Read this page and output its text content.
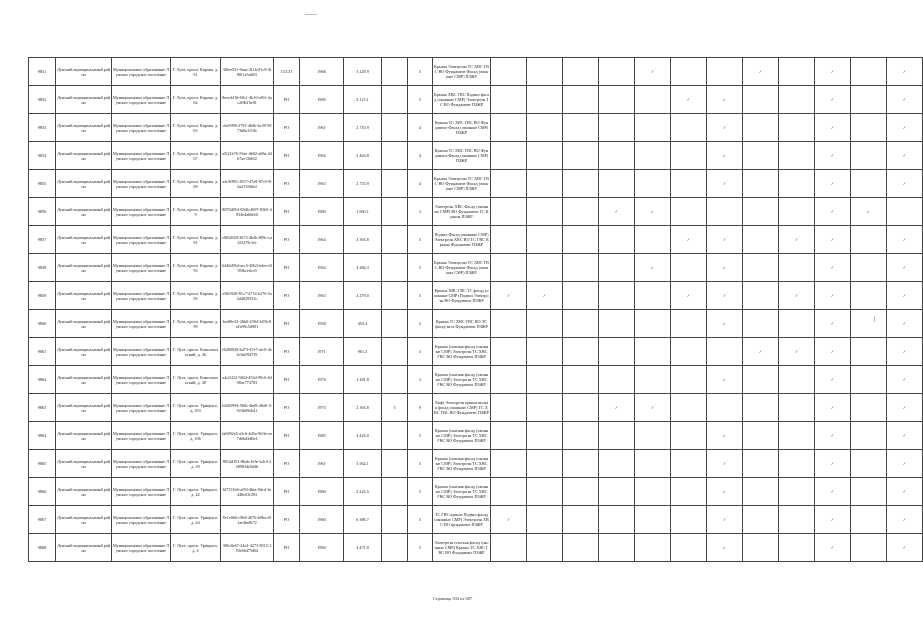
9851	Лунский муниципальный район	Муниципальное образование Лунское городское поселение	Г. Луга, просп. Кирова, д. 61	3f0ee531-0aaa-411b-81c9-4f80f1a5dd53	СССО	1966	3 229,9		5	Крыша Электроэн ТС ХВС ГВС ВО Фундамент Фасад (оконные СМР) ПЗЖР					✓			✓		✓		✓
9852	Лунский муниципальный район	Муниципальное образование Лунское городское поселение	Г. Луга, просп. Кирова, д. 62	8eee4416-60c1-4b10-a91f-4ac2f8b16e91	РО	1969	2 115,1		5	Крыша ХВС ГВС Подвал фасад (оконные СМР) Электроэн ТС ВО Фундамент ПЗЖР						✓	✓			✓		✓
9853	Лунский муниципальный район	Муниципальное образование Лунское городское поселение	Г. Луга, просп. Кирова, д. 63	c6a5909-2791-4b6b-bc39-5873d8a1f19e	РО	1961	2 710,9		4	Крыша ТС ХВС ГВС ВО Фундамент Фасад (оконные СМР) ПЗЖР							✓			✓		✓
9854	Лунский муниципальный район	Муниципальное образование Лунское городское поселение	Г. Луга, просп. Кирова, д. 67	a5f21b76-53ee-4b02-a68a-4467ae15b0f2	РО	1962	2 464,8		4	Крыша ТС ХВС ГВС ВО Фундамент Фасад (оконные СМР) ПЗЖР							✓			✓		✓
9855	Лунский муниципальный район	Муниципальное образование Лунское городское поселение	Г. Луга, просп. Кирова, д. 69	a4c9f891-2937-47e8-87c9-9f6a2150f6fd	РО	1963	2 753,9		4	Крыша Электроэн ТС ХВС ГВС ВО Фундамент Фасад (оконные СМР) ПЗЖР							✓			✓		✓
9856	Лунский муниципальный район	Муниципальное образование Лунское городское поселение	Г. Луга, просп. Кирова, д. 9	8070d054-85db-4697-83b5-4934e4ab66f0	РО	1980	1 960,1		3	Электроэн ХВС Фасад (оконные СМР) ВО Фундамент ТС Крыша ПЗЖР				✓	✓					✓	✓	
9857	Лунский муниципальный район	Муниципальное образование Лунское городское поселение	Г. Луга, просп. Кирова, д. 91	e9f62629-2673-4b4b-809c-ca4f3279c1fe	РО	1964	4 363,8		5	Подвал Фасад (оконные СМР) Электроэн ХВС ВО ТС ГВС Крыша Фундамент ПЗЖР						✓	✓		✓	✓		✓
9858	Лунский муниципальный район	Муниципальное образование Лунское городское поселение	Г. Луга, просп. Кирова, д. 93	6446d95d-aec5-49b3-b4ee-df39fbcedcc9	РО	1964	4 284,3		5	Крыша Электроэн ТС ХВС ГВС ВО Фундамент Фасад (оконные СМР) ПЗЖР					✓		✓			✓		✓
9859	Лунский муниципальный район	Муниципальное образование Лунское городское поселение	Г. Луга, просп. Кирова, д. 95	e56f9f26-81c7-4714-b276-5a2d4829353c	РО	1963	4 279,0		5	Крыша ХВС ГВС ТС фасад (оконные СМР) Подвал Электроэн ВО Фундамент ПЗЖР	✓	✓				✓	✓		✓	✓		✓
9860	Лунский муниципальный район	Муниципальное образование Лунское городское поселение	Г. Луга, просп. Кирова, д. 99	bed0fe32-26b0-4394-3d5b-8a1b99c5d901	РО	1958	455,4		2	Крыша ТС ХВС ГВС ВО ЭС фасад весь Фундамент ПЗЖР							✓			✓		✓
9861	Лунский муниципальный район	Муниципальное образование Лунское городское поселение	Г. Луга, просп. Комсомольский, д. 36	f6280926-b473-47e7-afc0-4b6c0d294739	РО	1971	961,3		3	Крыша (скатная фасад (оконные СМР) Электроэн ТС ХВС ГВС ВО Фундамент ПЗЖР								✓	✓	✓		✓
9862	Лунский муниципальный район	Муниципальное образование Лунское городское поселение	Г. Луга, просп. Комсомольский, д. 38	a4cf3f22-5844-453d-99c6-6498ac774783	РО	1976	1 281,8		3	Крыша (скатная фасад (оконные СМР) Электроэн ТС ХВС ГВС ВО Фундамент ПЗЖР							✓			✓		✓
9863	Лунский муниципальный район	Муниципальное образование Лунское городское поселение	Г. Луга, просп. Урицкого, д. 103	b4f02994-5f6b-4bd9-48a8-1f923b09eb41	РО	1973	2 363,8	5	9	Лифт Электроэн крыша весная фасад (оконные СМР) ТС ХВС ГВС ВО Фундамент ПЗЖР				✓	✓					✓		✓
9864	Лунский муниципальный район	Муниципальное образование Лунское городское поселение	Г. Луга, просп. Урицкого, д. 106	fa0492a5-a5c6-4d5a-9ff4e-ea7d6bd3d0e4	РО	1983	4 416,0		5	Крыша (скатная фасад (оконные СМР) Электроэн ТС ХВС ГВС ВО Фундамент ПЗЖР							✓			✓		✓
9865	Лунский муниципальный район	Муниципальное образование Лунское городское поселение	Г. Луга, просп. Урицкого, д. 20	8014d191-8bab-4e5e-b4c5-2e89634f0d4b	РО	1961	3 562,1		5	Крыша (скатная фасад (оконные СМР) Электроэн ТС ХВС ГВС ВО Фундамент ПЗЖР							✓			✓		✓
9866	Лунский муниципальный район	Муниципальное образование Лунское городское поселение	Г. Луга, просп. Урицкого, д. 22	6f7531b6-af50-4bfa-9dcd-3e446e03f293	РО	1960	2 224,5		5	Крыша (скатная фасад (оконные СМР) Электроэн ТС ХВС ГВС ВО Фундамент ПЗЖР							✓			✓		✓
9867	Лунский муниципальный район	Муниципальное образование Лунское городское поселение	Г. Луга, просп. Урицкого, д. 24	8c1e0b6-c9b6-4876-b9ba-e01ae4be8f72	РО	1960	6 386,7		5	ТС ГВС крыша Подвал фасад (оконные СМР) Электроэн ХВС ВО фундамент ПЗЖР	✓						✓			✓		✓
9868	Лунский муниципальный район	Муниципальное образование Лунское городское поселение	Г. Луга, просп. Урицкого, д. 4	386c8e67-24e2-4273-8515-253e66475d62	РО	1984	4 471,9		5	Электроэн плоская фасад (оконные СМР) Крыша ТС ХВС ГВС ВО Фундамент ПЗЖР							✓			✓		✓
Страница 504 из 687
